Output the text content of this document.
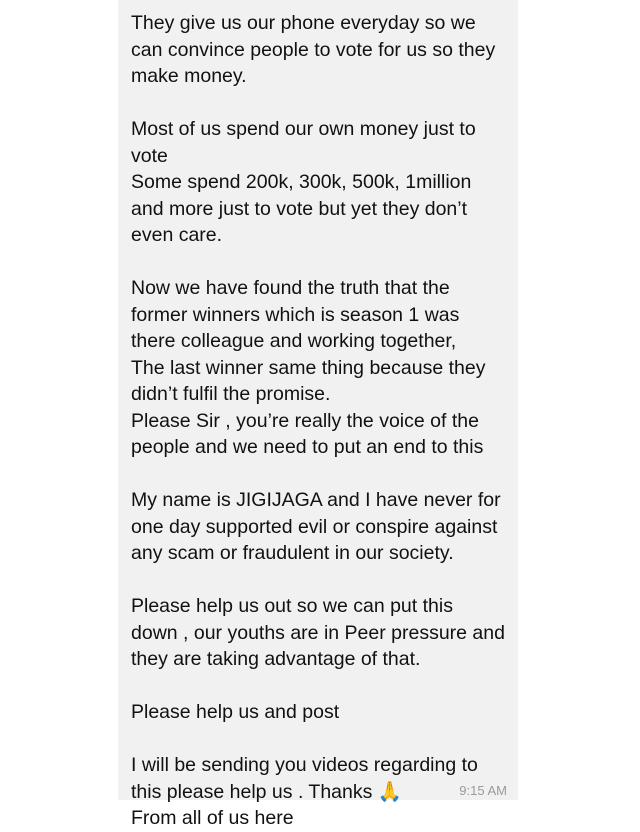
They give us our phone everyday so we
can convince people to vote for us so they
make money.
Most of us spend our own money just to
vote
Some spend 200k, 300k, 500k, 1million
and more just to vote but yet they don’t
even care.
Now we have found the truth that the
former winners which is season 1 was
there colleague and working together,
The last winner same thing because they
didn’t fulfil the promise.
Please Sir , you’re really the voice of the
people and we need to put an end to this
My name is JIGIJAGA and I have never for
one day supported evil or conspire against
any scam or fraudulent in our society.
Please help us out so we can put this
down , our youths are in Peer pressure and
they are taking advantage of that.
Please help us and post
I will be sending you videos regarding to
this please help us . Thanks 🙏
From all of us here
9:15 AM
